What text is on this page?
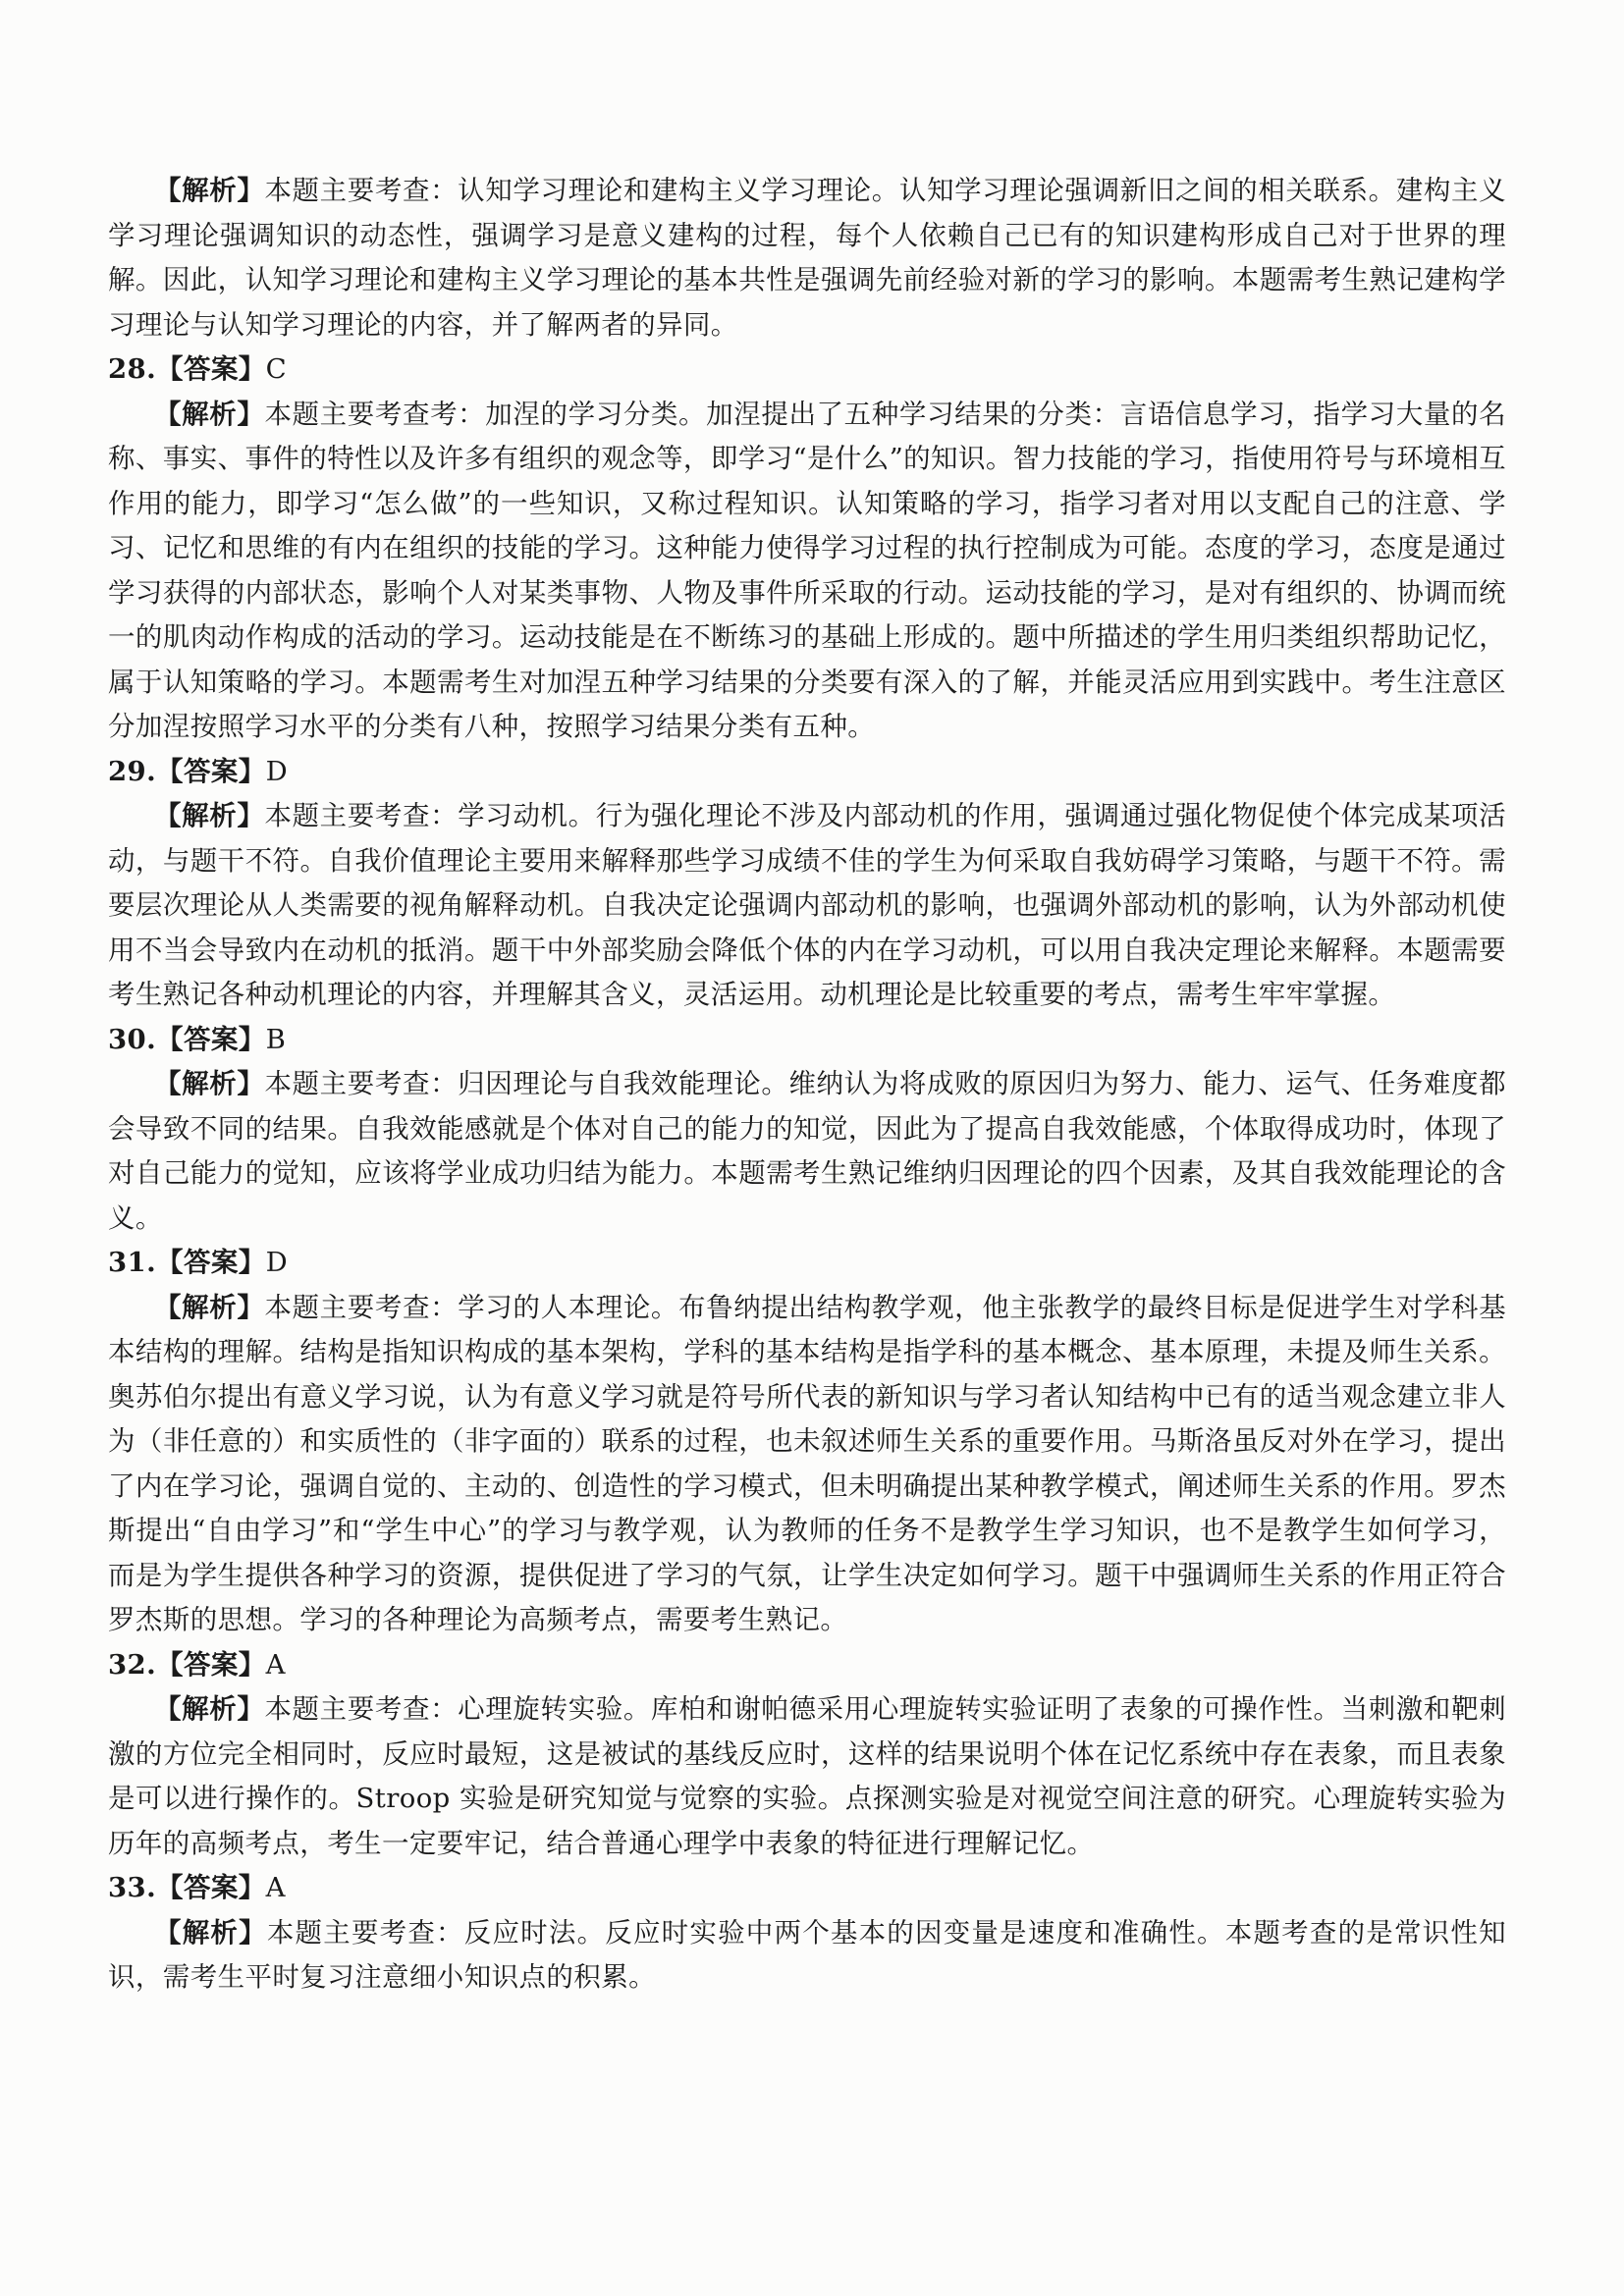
【解析】本题主要考查：认知学习理论和建构主义学习理论。认知学习理论强调新旧之间的相关联系。建构主义学习理论强调知识的动态性，强调学习是意义建构的过程，每个人依赖自己已有的知识建构形成自己对于世界的理解。因此，认知学习理论和建构主义学习理论的基本共性是强调先前经验对新的学习的影响。本题需考生熟记建构学习理论与认知学习理论的内容，并了解两者的异同。

28.【答案】C

【解析】本题主要考查考：加涅的学习分类。加涅提出了五种学习结果的分类：言语信息学习，指学习大量的名称、事实、事件的特性以及许多有组织的观念等，即学习“是什么”的知识。智力技能的学习，指使用符号与环境相互作用的能力，即学习“怎么做”的一些知识，又称过程知识。认知策略的学习，指学习者对用以支配自己的注意、学习、记忆和思维的有内在组织的技能的学习。这种能力使得学习过程的执行控制成为可能。态度的学习，态度是通过学习获得的内部状态，影响个人对某类事物、人物及事件所采取的行动。运动技能的学习，是对有组织的、协调而统一的肌肉动作构成的活动的学习。运动技能是在不断练习的基础上形成的。题中所描述的学生用归类组织帮助记忆，属于认知策略的学习。本题需考生对加涅五种学习结果的分类要有深入的了解，并能灵活应用到实践中。考生注意区分加涅按照学习水平的分类有八种，按照学习结果分类有五种。

29.【答案】D

【解析】本题主要考查：学习动机。行为强化理论不涉及内部动机的作用，强调通过强化物促使个体完成某项活动，与题干不符。自我价值理论主要用来解释那些学习成绩不佳的学生为何采取自我妨碍学习策略，与题干不符。需要层次理论从人类需要的视角解释动机。自我决定论强调内部动机的影响，也强调外部动机的影响，认为外部动机使用不当会导致内在动机的抵消。题干中外部奖励会降低个体的内在学习动机，可以用自我决定理论来解释。本题需要考生熟记各种动机理论的内容，并理解其含义，灵活运用。动机理论是比较重要的考点，需考生牢牢掌握。

30.【答案】B

【解析】本题主要考查：归因理论与自我效能理论。维纳认为将成败的原因归为努力、能力、运气、任务难度都会导致不同的结果。自我效能感就是个体对自己的能力的知觉，因此为了提高自我效能感，个体取得成功时，体现了对自己能力的觉知，应该将学业成功归结为能力。本题需考生熟记维纳归因理论的四个因素，及其自我效能理论的含义。

31.【答案】D

【解析】本题主要考查：学习的人本理论。布鲁纳提出结构教学观，他主张教学的最终目标是促进学生对学科基本结构的理解。结构是指知识构成的基本架构，学科的基本结构是指学科的基本概念、基本原理，未提及师生关系。奥苏伯尔提出有意义学习说，认为有意义学习就是符号所代表的新知识与学习者认知结构中已有的适当观念建立非人为（非任意的）和实质性的（非字面的）联系的过程，也未叙述师生关系的重要作用。马斯洛虽反对外在学习，提出了内在学习论，强调自觉的、主动的、创造性的学习模式，但未明确提出某种教学模式，阐述师生关系的作用。罗杰斯提出“自由学习”和“学生中心”的学习与教学观，认为教师的任务不是教学生学习知识，也不是教学生如何学习，而是为学生提供各种学习的资源，提供促进了学习的气氛，让学生决定如何学习。题干中强调师生关系的作用正符合罗杰斯的思想。学习的各种理论为高频考点，需要考生熟记。

32.【答案】A

【解析】本题主要考查：心理旋转实验。库柏和谢帕德采用心理旋转实验证明了表象的可操作性。当刺激和靶刺激的方位完全相同时，反应时最短，这是被试的基线反应时，这样的结果说明个体在记忆系统中存在表象，而且表象是可以进行操作的。Stroop 实验是研究知觉与觉察的实验。点探测实验是对视觉空间注意的研究。心理旋转实验为历年的高频考点，考生一定要牢记，结合普通心理学中表象的特征进行理解记忆。

33.【答案】A

【解析】本题主要考查：反应时法。反应时实验中两个基本的因变量是速度和准确性。本题考查的是常识性知识，需考生平时复习注意细小知识点的积累。
